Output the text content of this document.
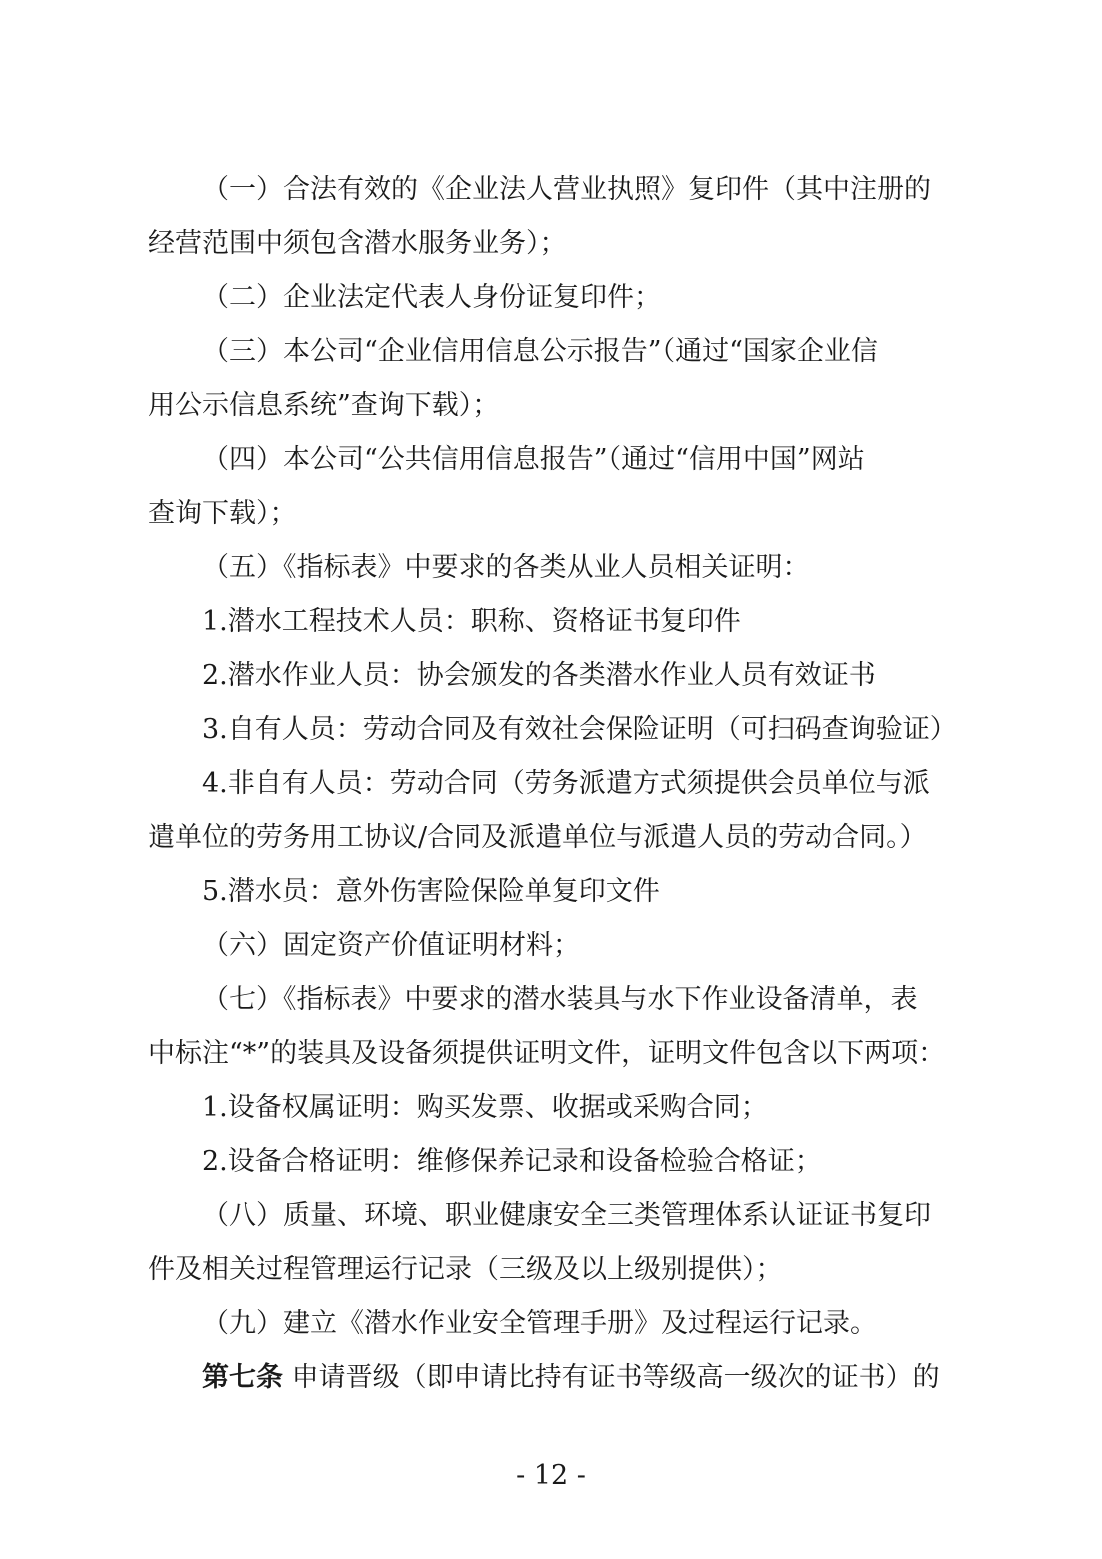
（一）合法有效的《企业法人营业执照》复印件（其中注册的
经营范围中须包含潜水服务业务）；
（二）企业法定代表人身份证复印件；
（三）本公司“企业信用信息公示报告”（通过“国家企业信
用公示信息系统”查询下载）；
（四）本公司“公共信用信息报告”（通过“信用中国”网站
查询下载）；
（五）《指标表》中要求的各类从业人员相关证明：
1.潜水工程技术人员：职称、资格证书复印件
2.潜水作业人员：协会颁发的各类潜水作业人员有效证书
3.自有人员：劳动合同及有效社会保险证明（可扫码查询验证）
4.非自有人员：劳动合同（劳务派遣方式须提供会员单位与派
遣单位的劳务用工协议/合同及派遣单位与派遣人员的劳动合同。）
5.潜水员：意外伤害险保险单复印文件
（六）固定资产价值证明材料；
（七）《指标表》中要求的潜水装具与水下作业设备清单，表
中标注“*”的装具及设备须提供证明文件，证明文件包含以下两项：
1.设备权属证明：购买发票、收据或采购合同；
2.设备合格证明：维修保养记录和设备检验合格证；
（八）质量、环境、职业健康安全三类管理体系认证证书复印
件及相关过程管理运行记录（三级及以上级别提供）；
（九）建立《潜水作业安全管理手册》及过程运行记录。
第七条 申请晋级（即申请比持有证书等级高一级次的证书）的
- 12 -
